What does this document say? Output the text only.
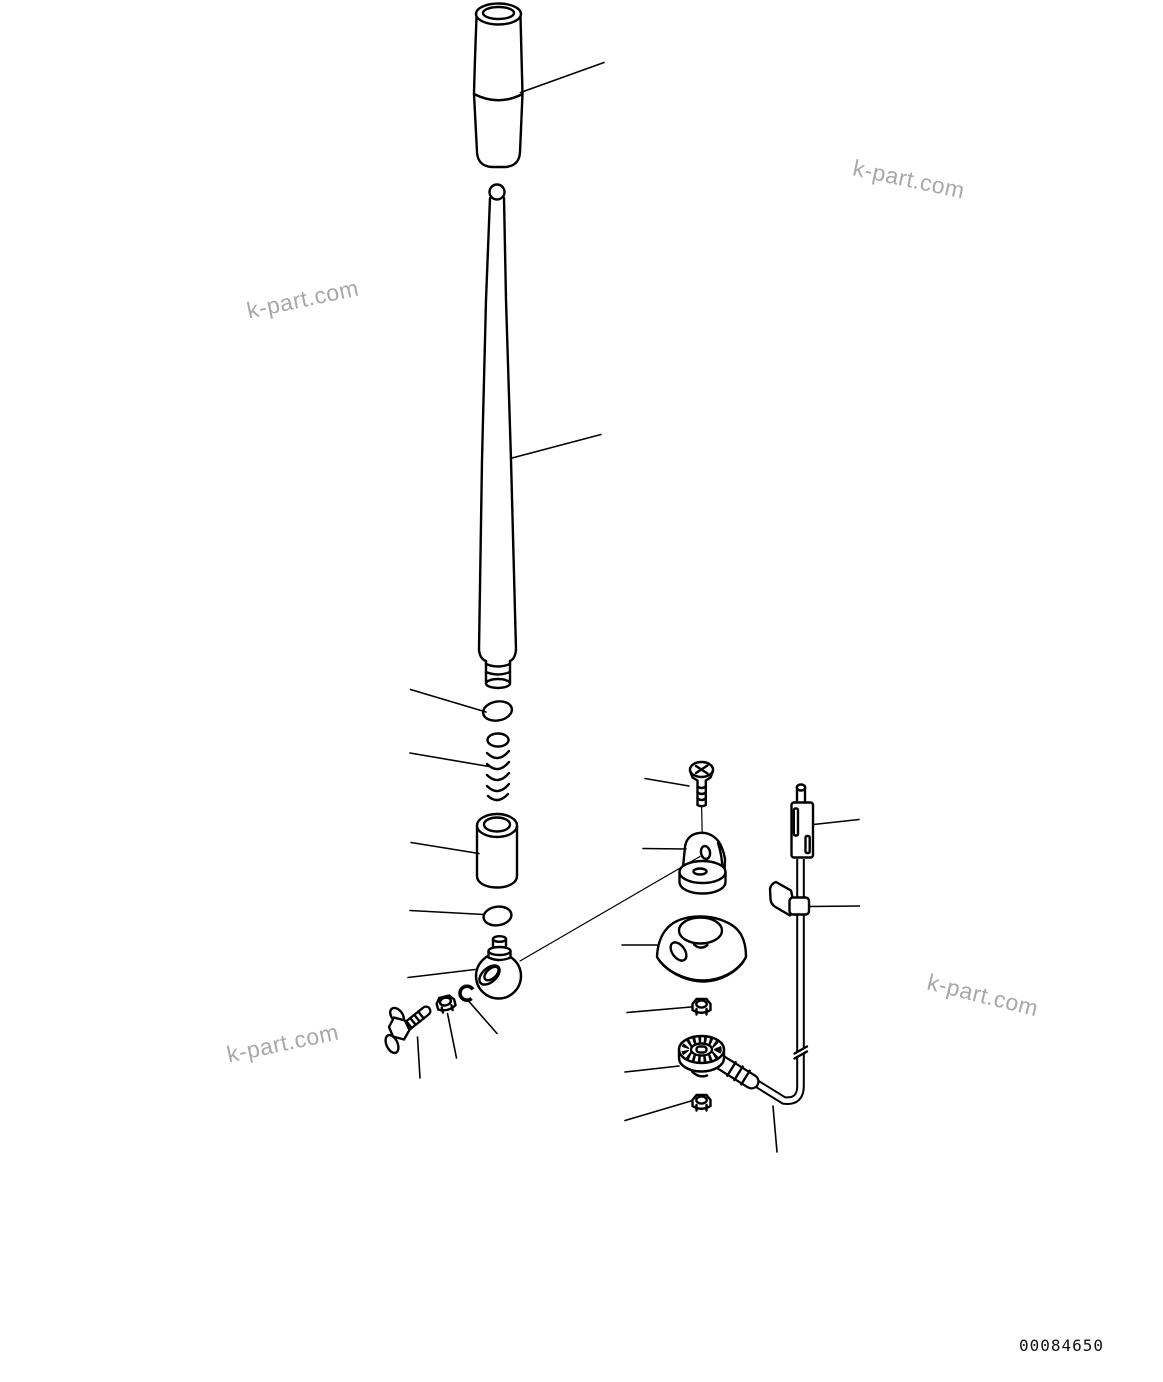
k-part.com
k-part.com
k-part.com
k-part.com
00084650
